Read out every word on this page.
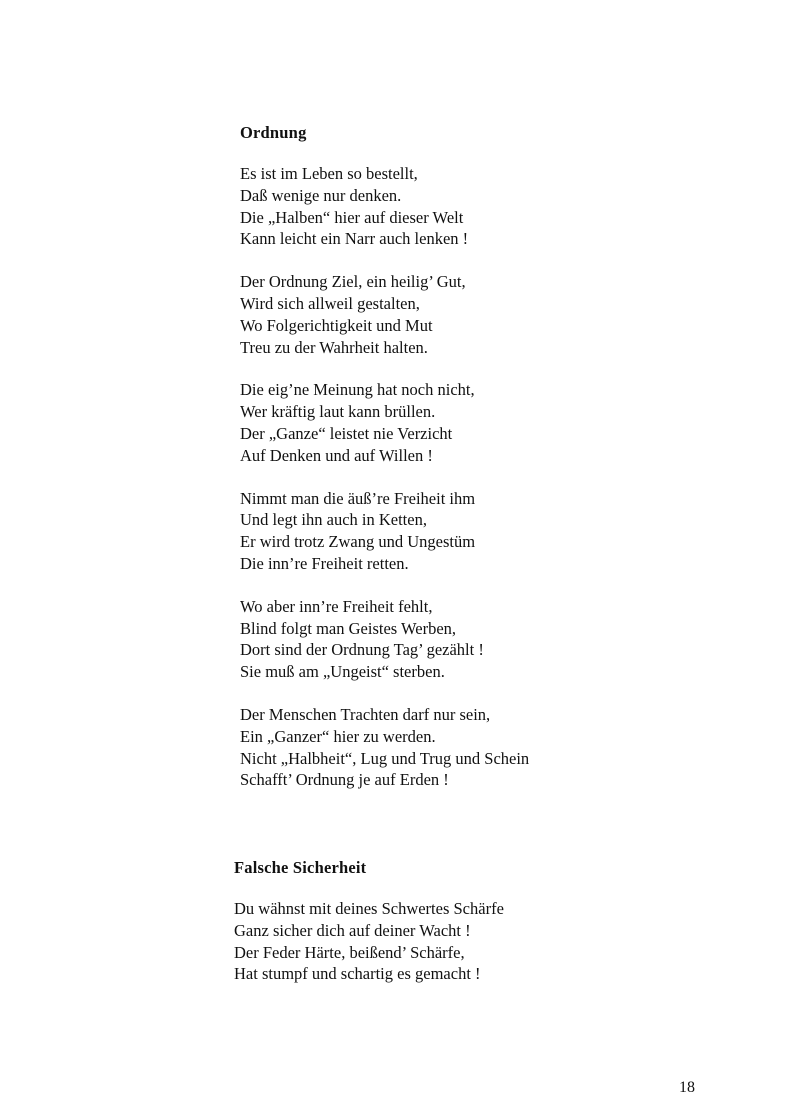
Ordnung
Es ist im Leben so bestellt,
Daß wenige nur denken.
Die „Halben“ hier auf dieser Welt
Kann leicht ein Narr auch lenken !
Der Ordnung Ziel, ein heilig’ Gut,
Wird sich allweil gestalten,
Wo Folgerichtigkeit und Mut
Treu zu der Wahrheit halten.
Die eig’ne Meinung hat noch nicht,
Wer kräftig laut kann brüllen.
Der „Ganze“ leistet nie Verzicht
Auf Denken und auf Willen !
Nimmt man die äuß’re Freiheit ihm
Und legt ihn auch in Ketten,
Er wird trotz Zwang und Ungestüm
Die inn’re Freiheit retten.
Wo aber inn’re Freiheit fehlt,
Blind folgt man Geistes Werben,
Dort sind der Ordnung Tag’ gezählt !
Sie muß am „Ungeist“ sterben.
Der Menschen Trachten darf nur sein,
Ein „Ganzer“ hier zu werden.
Nicht „Halbheit“, Lug und Trug und Schein
Schafft’ Ordnung je auf Erden !
Falsche Sicherheit
Du wähnst mit deines Schwertes Schärfe
Ganz sicher dich auf deiner Wacht !
Der Feder Härte, beißend’ Schärfe,
Hat stumpf und schartig es gemacht !
18
